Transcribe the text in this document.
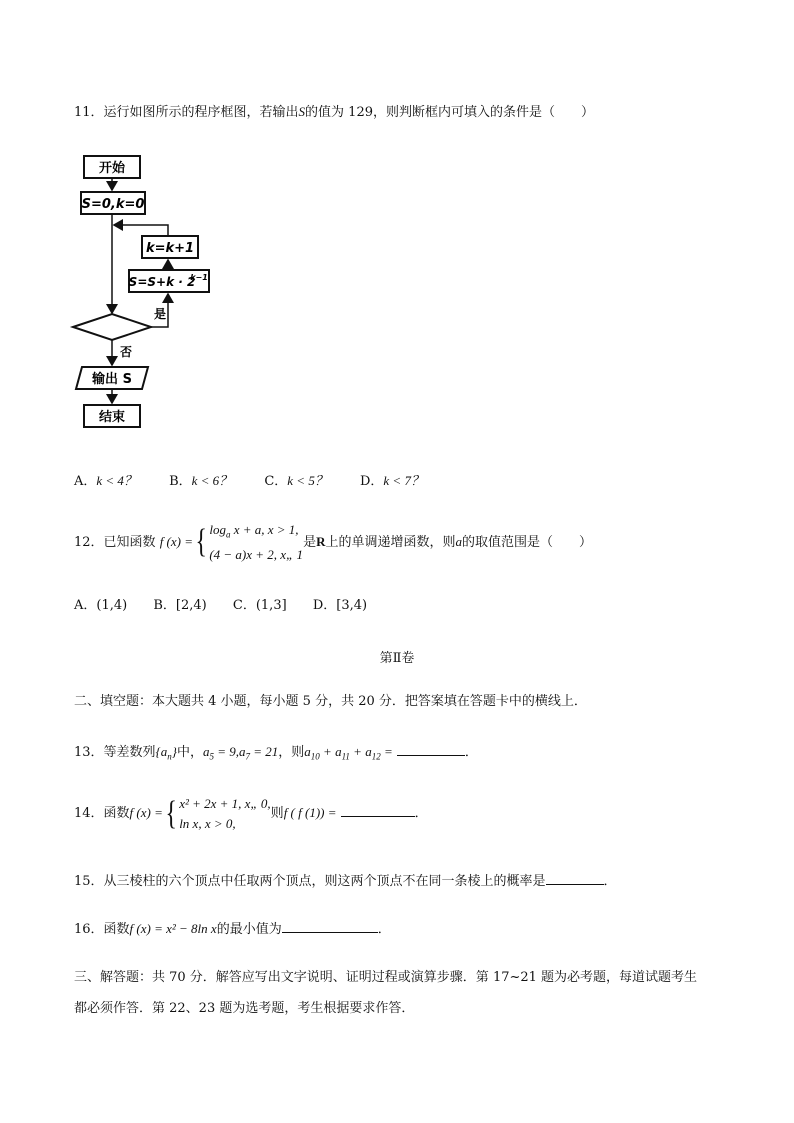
11．运行如图所示的程序框图，若输出S的值为 129，则判断框内可填入的条件是（　　）
开始
S=0,k=0
k=k+1
S=S+k · 2
k−1
是
否
输出 S
结束
A．k < 4？ B．k < 6？ C．k < 5？ D．k < 7？
12．已知函数 f (x) ={ $\log_a x + a$, x > 1,
(4 − a)x + 2, x„ 1
是R上的单调递增函数，则a的取值范围是（　　）
A．(1,4) B．[2,4) C．(1,3] D．[3,4)
第Ⅱ卷
二、填空题：本大题共 4 小题，每小题 5 分，共 20 分．把答案填在答题卡中的横线上．
13．等差数列$\{a_n\}$中，$a_5 = 9,a_7 = 21$，则$a_{10} + a_{11} + a_{12}$ =	．
14．函数f (x) ={ x² + 2x + 1, x„ 0,
ln x, x > 0,
则f ( f (1)) =	．
15．从三棱柱的六个顶点中任取两个顶点，则这两个顶点不在同一条棱上的概率是	．
16．函数f (x) = x² − 8ln x的最小值为	．
三、解答题：共 70 分．解答应写出文字说明、证明过程或演算步骤．第 17~21 题为必考题，每道试题考生
都必须作答．第 22、23 题为选考题，考生根据要求作答．
